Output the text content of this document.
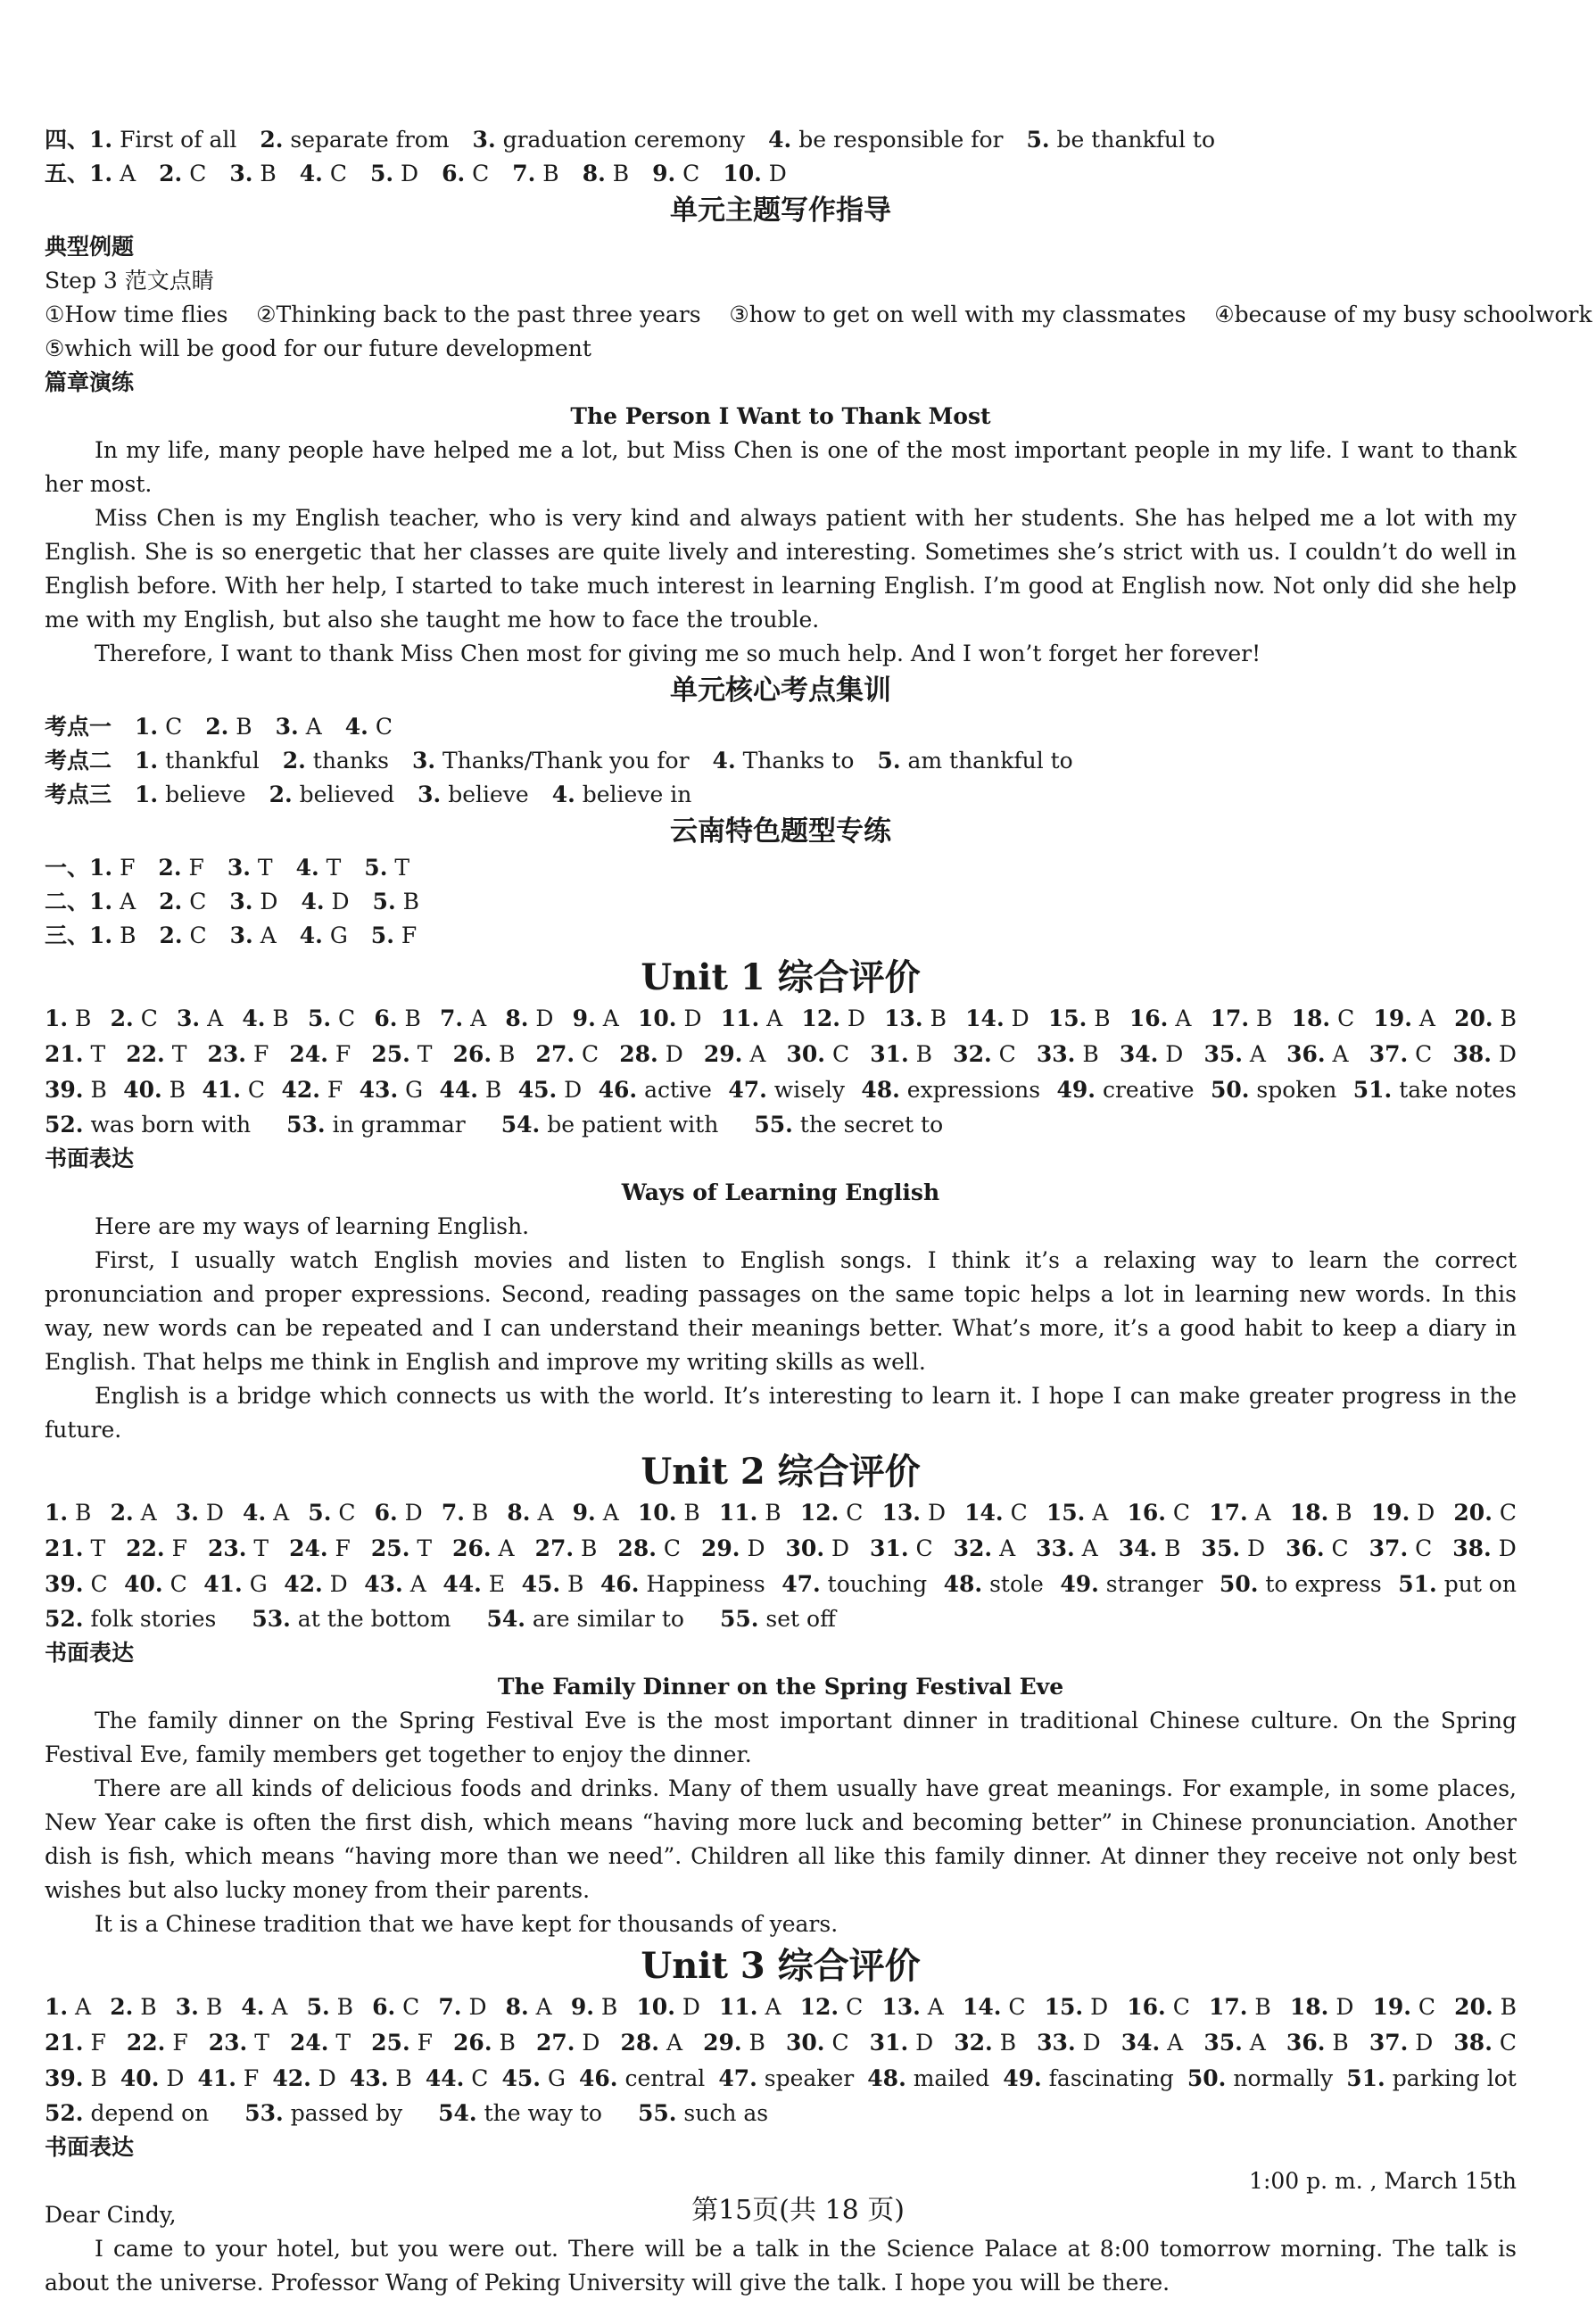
四、1. First of all 2. separate from 3. graduation ceremony 4. be responsible for 5. be thankful to
五、1. A 2. C 3. B 4. C 5. D 6. C 7. B 8. B 9. C 10. D
单元主题写作指导
典型例题
Step 3 范文点睛
①How time flies    ②Thinking back to the past three years    ③how to get on well with my classmates    ④because of my busy schoolwork
⑤which will be good for our future development
篇章演练
The Person I Want to Thank Most
In my life, many people have helped me a lot, but Miss Chen is one of the most important people in my life. I want to thank her most.
Miss Chen is my English teacher, who is very kind and always patient with her students. She has helped me a lot with my English. She is so energetic that her classes are quite lively and interesting. Sometimes she’s strict with us. I couldn’t do well in English before. With her help, I started to take much interest in learning English. I’m good at English now. Not only did she help me with my English, but also she taught me how to face the trouble.
Therefore, I want to thank Miss Chen most for giving me so much help. And I won’t forget her forever!
单元核心考点集训
考点一 1. C 2. B 3. A 4. C
考点二 1. thankful 2. thanks 3. Thanks/Thank you for 4. Thanks to 5. am thankful to
考点三 1. believe 2. believed 3. believe 4. believe in
云南特色题型专练
一、1. F 2. F 3. T 4. T 5. T
二、1. A 2. C 3. D 4. D 5. B
三、1. B 2. C 3. A 4. G 5. F
Unit 1 综合评价
1. B 2. C 3. A 4. B 5. C 6. B 7. A 8. D 9. A 10. D 11. A 12. D 13. B 14. D 15. B 16. A 17. B 18. C 19. A 20. B
21. T 22. T 23. F 24. F 25. T 26. B 27. C 28. D 29. A 30. C 31. B 32. C 33. B 34. D 35. A 36. A 37. C 38. D
39. B 40. B 41. C 42. F 43. G 44. B 45. D 46. active 47. wisely 48. expressions 49. creative 50. spoken 51. take notes
52. was born with 53. in grammar 54. be patient with 55. the secret to
书面表达
Ways of Learning English
Here are my ways of learning English.
First, I usually watch English movies and listen to English songs. I think it’s a relaxing way to learn the correct pronunciation and proper expressions. Second, reading passages on the same topic helps a lot in learning new words. In this way, new words can be repeated and I can understand their meanings better. What’s more, it’s a good habit to keep a diary in English. That helps me think in English and improve my writing skills as well.
English is a bridge which connects us with the world. It’s interesting to learn it. I hope I can make greater progress in the future.
Unit 2 综合评价
1. B 2. A 3. D 4. A 5. C 6. D 7. B 8. A 9. A 10. B 11. B 12. C 13. D 14. C 15. A 16. C 17. A 18. B 19. D 20. C
21. T 22. F 23. T 24. F 25. T 26. A 27. B 28. C 29. D 30. D 31. C 32. A 33. A 34. B 35. D 36. C 37. C 38. D
39. C 40. C 41. G 42. D 43. A 44. E 45. B 46. Happiness 47. touching 48. stole 49. stranger 50. to express 51. put on
52. folk stories 53. at the bottom 54. are similar to 55. set off
书面表达
The Family Dinner on the Spring Festival Eve
The family dinner on the Spring Festival Eve is the most important dinner in traditional Chinese culture. On the Spring Festival Eve, family members get together to enjoy the dinner.
There are all kinds of delicious foods and drinks. Many of them usually have great meanings. For example, in some places, New Year cake is often the first dish, which means “having more luck and becoming better” in Chinese pronunciation. Another dish is fish, which means “having more than we need”. Children all like this family dinner. At dinner they receive not only best wishes but also lucky money from their parents.
It is a Chinese tradition that we have kept for thousands of years.
Unit 3 综合评价
1. A 2. B 3. B 4. A 5. B 6. C 7. D 8. A 9. B 10. D 11. A 12. C 13. A 14. C 15. D 16. C 17. B 18. D 19. C 20. B
21. F 22. F 23. T 24. T 25. F 26. B 27. D 28. A 29. B 30. C 31. D 32. B 33. D 34. A 35. A 36. B 37. D 38. C
39. B 40. D 41. F 42. D 43. B 44. C 45. G 46. central 47. speaker 48. mailed 49. fascinating 50. normally 51. parking lot
52. depend on 53. passed by 54. the way to 55. such as
书面表达
1:00 p. m. , March 15th
Dear Cindy,
I came to your hotel, but you were out. There will be a talk in the Science Palace at 8:00 tomorrow morning. The talk is about the universe. Professor Wang of Peking University will give the talk. I hope you will be there.
第15页(共 18 页)
